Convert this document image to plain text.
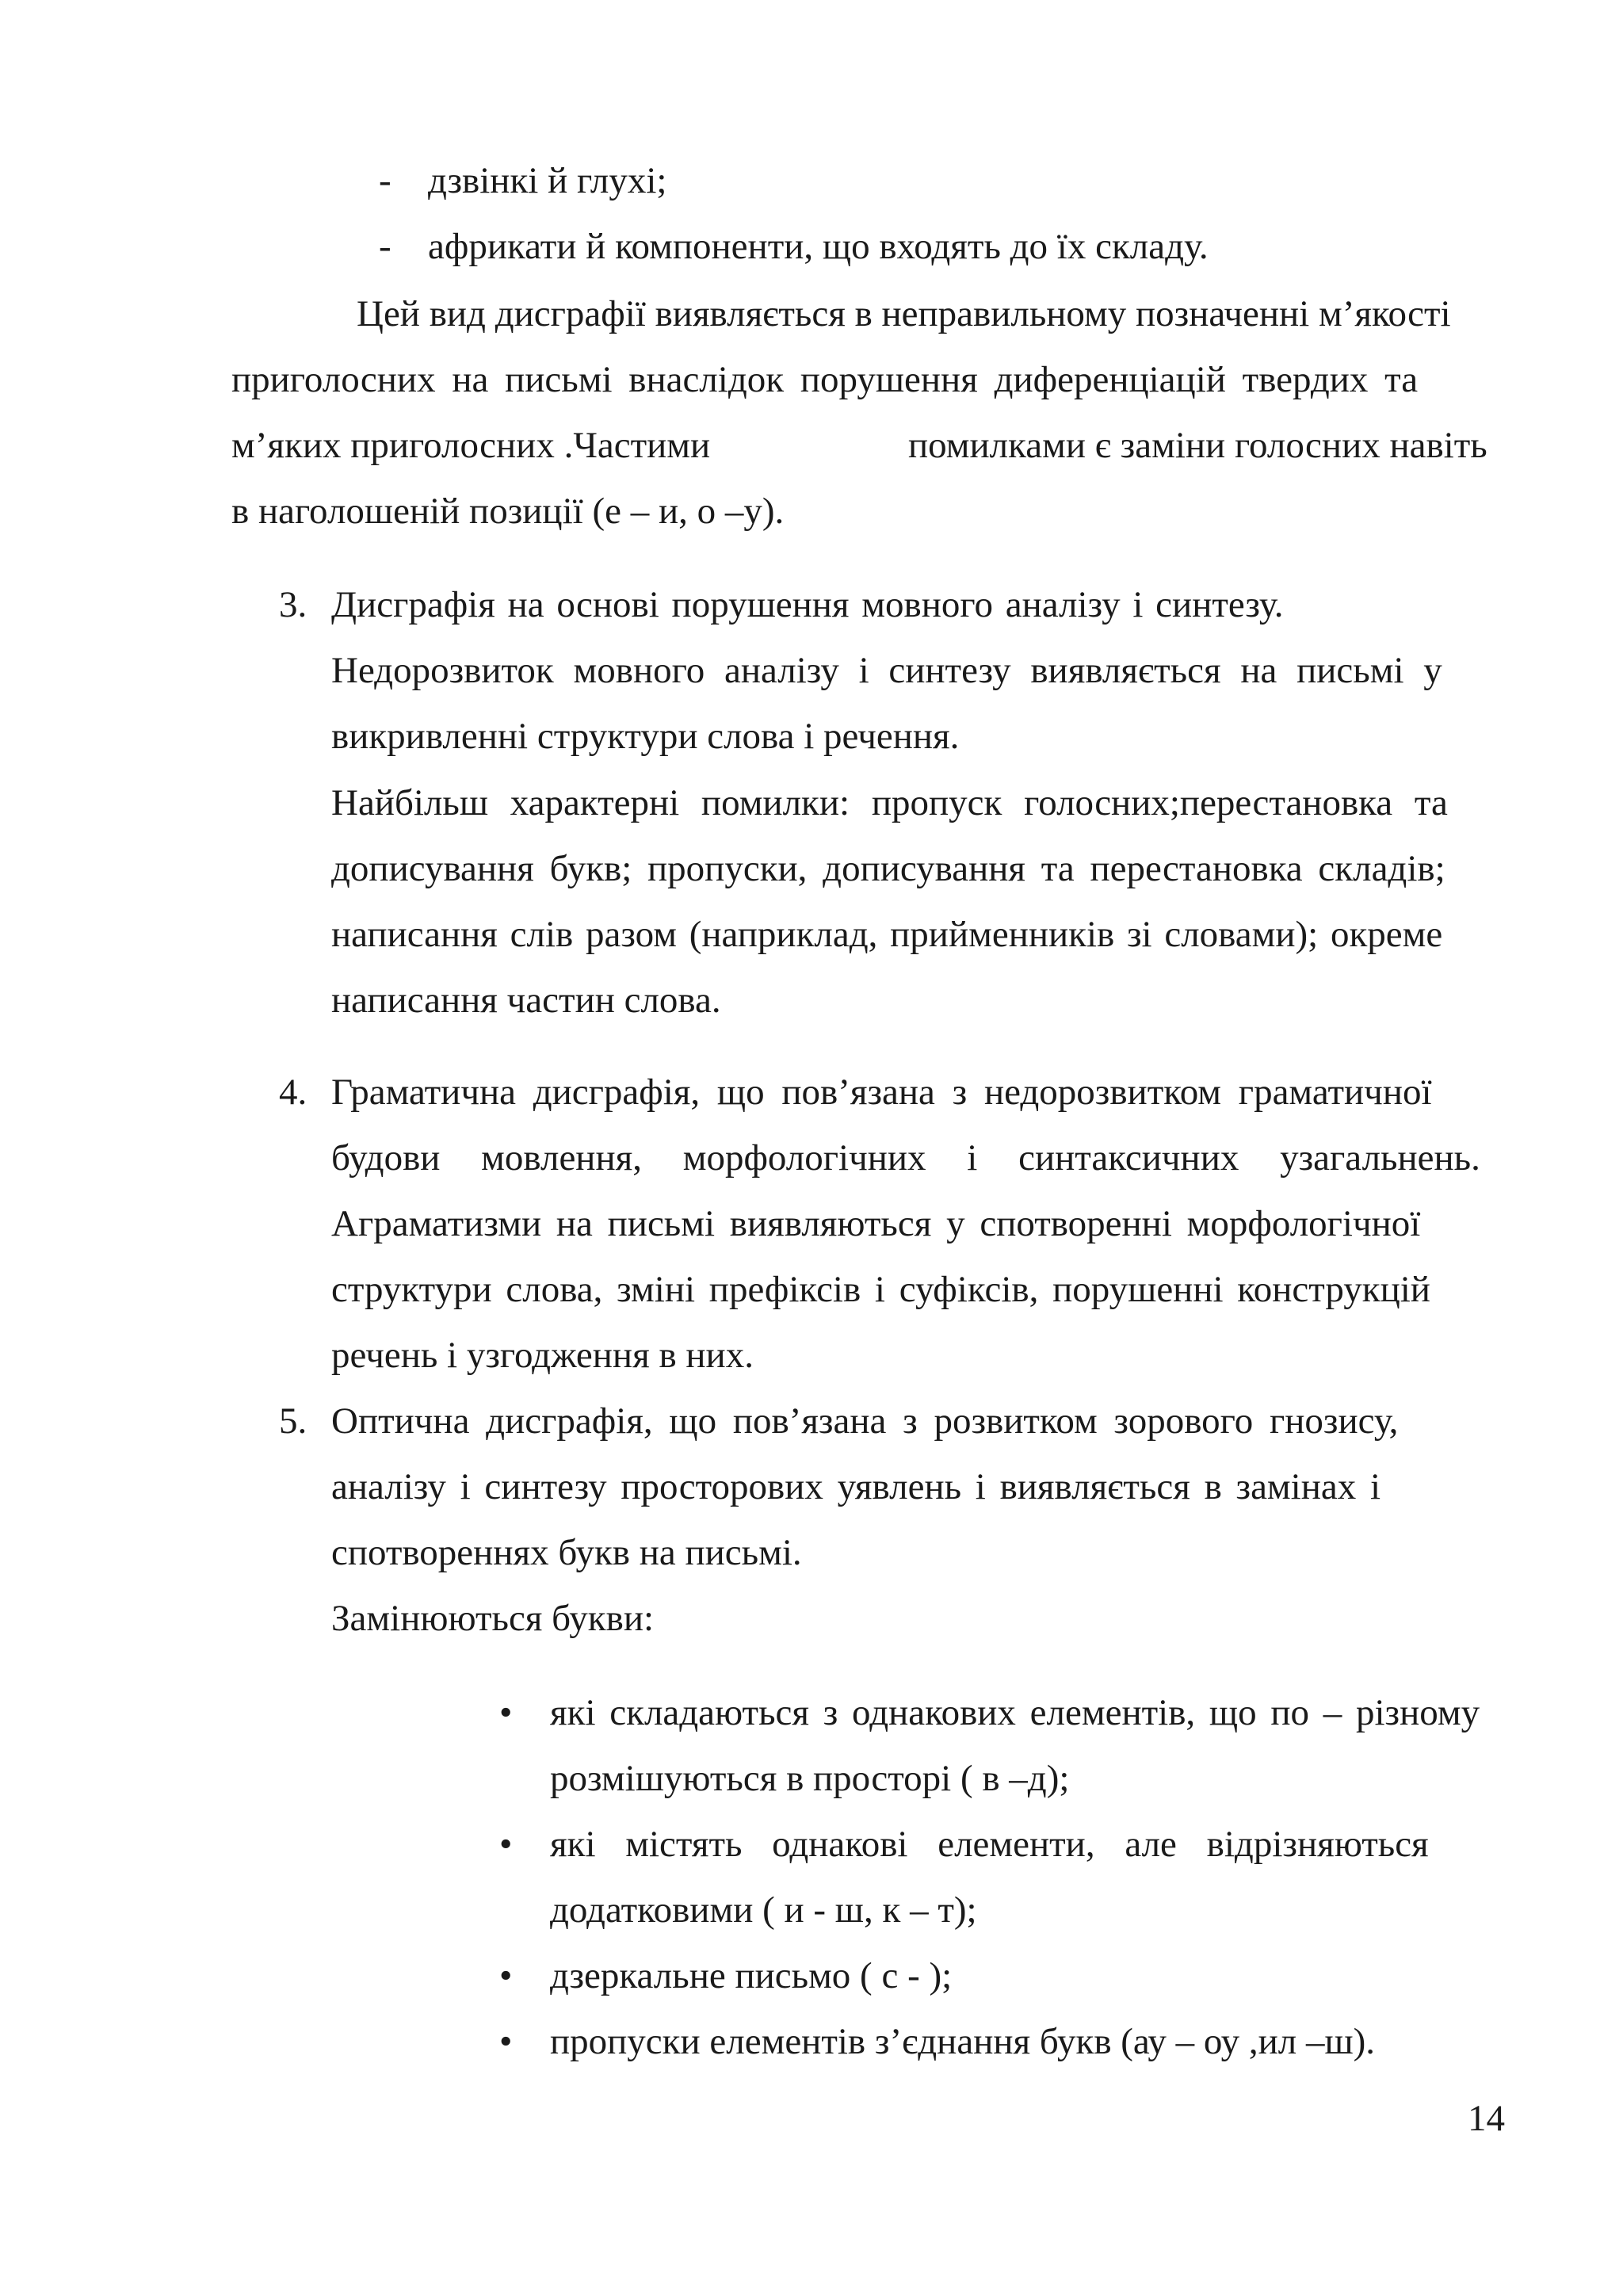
- дзвінкі й глухі;
- африкати й компоненти, що входять до їх складу.
Цей вид дисграфії виявляється в неправильному позначенні м’якості
приголосних на письмі внаслідок порушення диференціацій твердих та
м’яких приголосних .Частими	помилками є заміни голосних навіть
в наголошеній позиції (е – и, о –у).
3. Дисграфія на основі порушення мовного аналізу і синтезу.
Недорозвиток мовного аналізу і синтезу виявляється на письмі у
викривленні структури слова і речення.
Найбільш характерні помилки: пропуск голосних;перестановка та
дописування букв; пропуски, дописування та перестановка складів;
написання слів разом (наприклад, прийменників зі словами); окреме
написання частин слова.
4. Граматична дисграфія, що пов’язана з недорозвитком граматичної
будови мовлення, морфологічних і синтаксичних узагальнень.
Аграматизми на письмі виявляються у спотворенні морфологічної
структури слова, зміні префіксів і суфіксів, порушенні конструкцій
речень і узгодження в них.
5. Оптична дисграфія, що пов’язана з розвитком зорового гнозису,
аналізу і синтезу просторових уявлень і виявляється в замінах і
спотвореннях букв на письмі.
Замінюються букви:
• які складаються з однакових елементів, що по – різному
розмішуються в просторі ( в –д);
• які містять однакові елементи, але відрізняються
додатковими ( и - ш, к – т);
• дзеркальне письмо ( с - );
• пропуски елементів з’єднання букв (ау – оу ,ил –ш).
14
